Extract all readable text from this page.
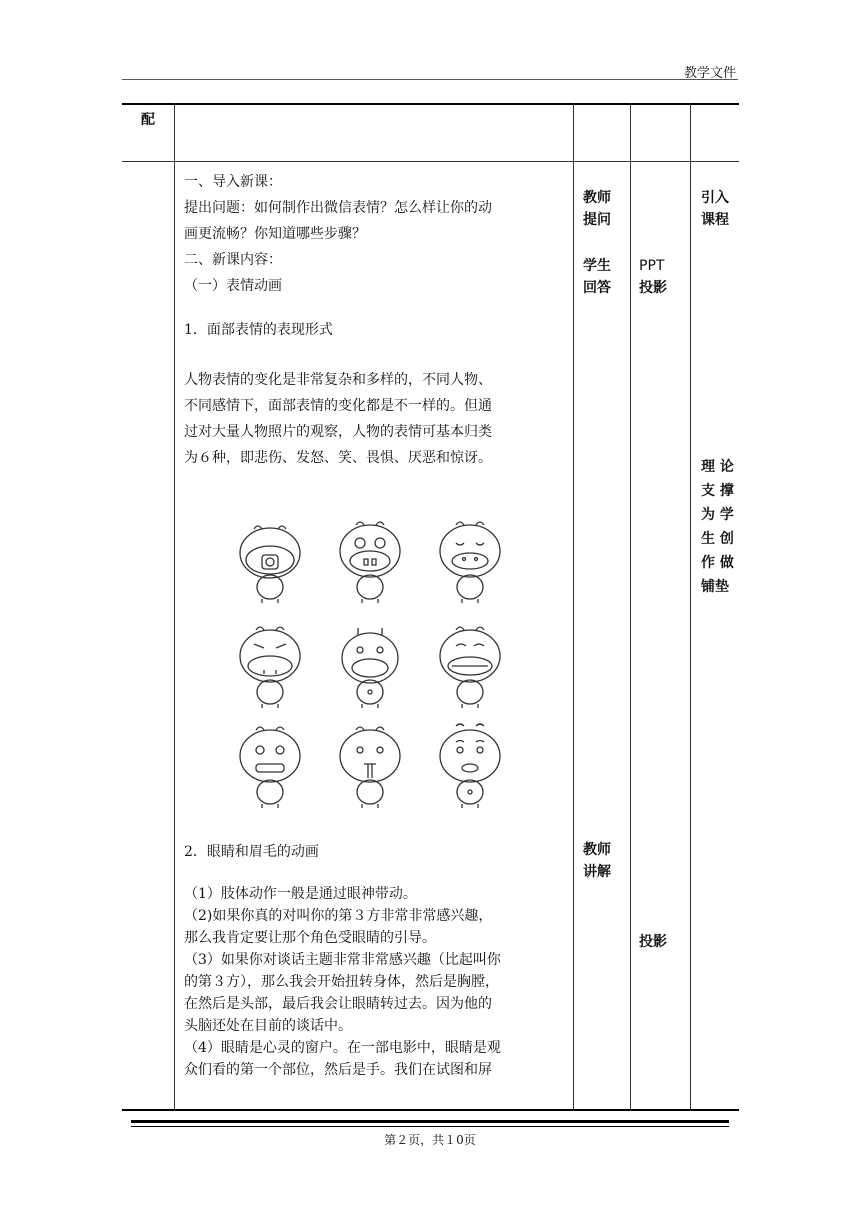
教学文件
配

一、导入新课：

提出问题：如何制作出微信表情？怎么样让你的动

画更流畅？你知道哪些步骤？

二、新课内容：

（一）表情动画

1．面部表情的表现形式

人物表情的变化是非常复杂和多样的，不同人物、

不同感情下，面部表情的变化都是不一样的。但通

过对大量人物照片的观察，人物的表情可基本归类

为６种，即悲伤、发怒、笑、畏惧、厌恶和惊讶。

2．眼睛和眉毛的动画

（1）肢体动作一般是通过眼神带动。

（2)如果你真的对叫你的第３方非常非常感兴趣，

那么我肯定要让那个角色受眼睛的引导。

（3）如果你对谈话主题非常非常感兴趣（比起叫你

的第３方），那么我会开始扭转身体，然后是胸膛，

在然后是头部，最后我会让眼睛转过去。因为他的

头脑还处在目前的谈话中。

（4）眼睛是心灵的窗户。在一部电影中，眼睛是观

众们看的第一个部位，然后是手。我们在试图和屏

教师

提问

学生

回答

教师

讲解

PPT

投影

投影

引入

课程

理 论

支 撑

为 学

生 创

作 做

铺垫

第２页，共１0页
